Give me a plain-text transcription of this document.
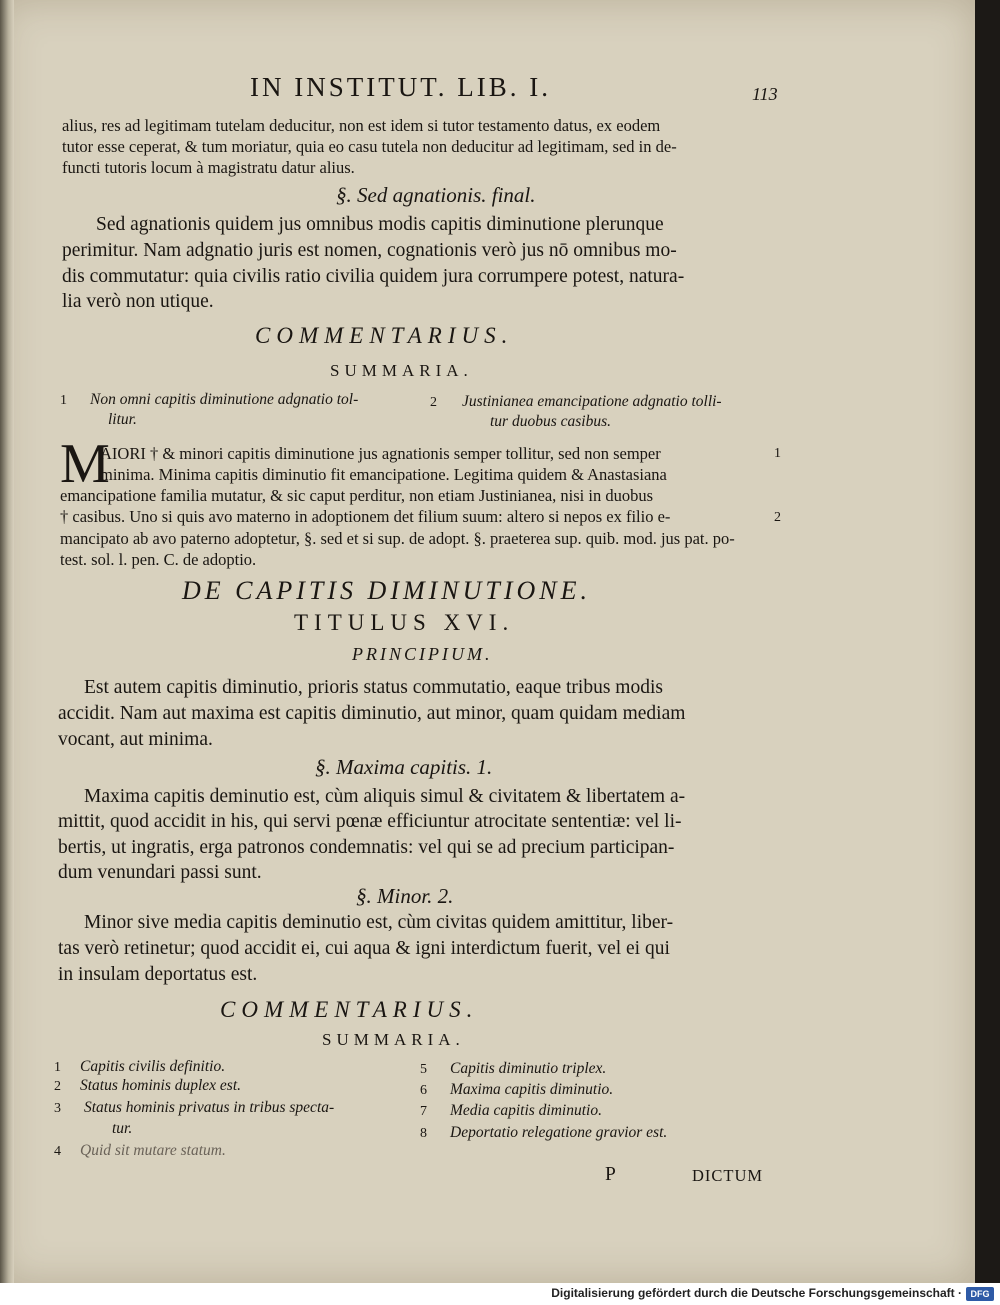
IN INSTITUT. LIB. I.	113
alius, res ad legitimam tutelam deducitur, non est idem si tutor testamento datus, ex eodem
tutor esse ceperat, & tum moriatur, quia eo casu tutela non deducitur ad legitimam, sed in de-
functi tutoris locum à magistratu datur alius.
§. Sed agnationis. final.
Sed agnationis quidem jus omnibus modis capitis diminutione plerunque
perimitur. Nam adgnatio juris est nomen, cognationis verò jus nō omnibus mo-
dis commutatur: quia civilis ratio civilia quidem jura corrumpere potest, natura-
lia verò non utique.
COMMENTARIUS.
SUMMARIA.
1 Non omni capitis diminutione adgnatio tol-
litur.
2 Justinianea emancipatione adgnatio tolli-
tur duobus casibus.
M
AIORI † & minori capitis diminutione jus agnationis semper tollitur, sed non semper
minima. Minima capitis diminutio fit emancipatione. Legitima quidem & Anastasiana
emancipatione familia mutatur, & sic caput perditur, non etiam Justinianea, nisi in duobus
† casibus. Uno si quis avo materno in adoptionem det filium suum: altero si nepos ex filio e-
mancipato ab avo paterno adoptetur, §. sed et si sup. de adopt. §. praeterea sup. quib. mod. jus pat. po-
test. sol. l. pen. C. de adoptio.
1
2
DE CAPITIS DIMINUTIONE.
TITULUS XVI.
PRINCIPIUM.
Est autem capitis diminutio, prioris status commutatio, eaque tribus modis
accidit. Nam aut maxima est capitis diminutio, aut minor, quam quidam mediam
vocant, aut minima.
§. Maxima capitis. 1.
Maxima capitis deminutio est, cùm aliquis simul & civitatem & libertatem a-
mittit, quod accidit in his, qui servi pœnæ efficiuntur atrocitate sententiæ: vel li-
bertis, ut ingratis, erga patronos condemnatis: vel qui se ad precium participan-
dum venundari passi sunt.
§. Minor. 2.
Minor sive media capitis deminutio est, cùm civitas quidem amittitur, liber-
tas verò retinetur; quod accidit ei, cui aqua & igni interdictum fuerit, vel ei qui
in insulam deportatus est.
COMMENTARIUS.
SUMMARIA.
1 Capitis civilis definitio.
2 Status hominis duplex est.
3 Status hominis privatus in tribus specta-
tur.
4 Quid sit mutare statum.
5 Capitis diminutio triplex.
6 Maxima capitis diminutio.
7 Media capitis diminutio.
8 Deportatio relegatione gravior est.
P	DICTUM
Digitalisierung gefördert durch die Deutsche Forschungsgemeinschaft · DFG
